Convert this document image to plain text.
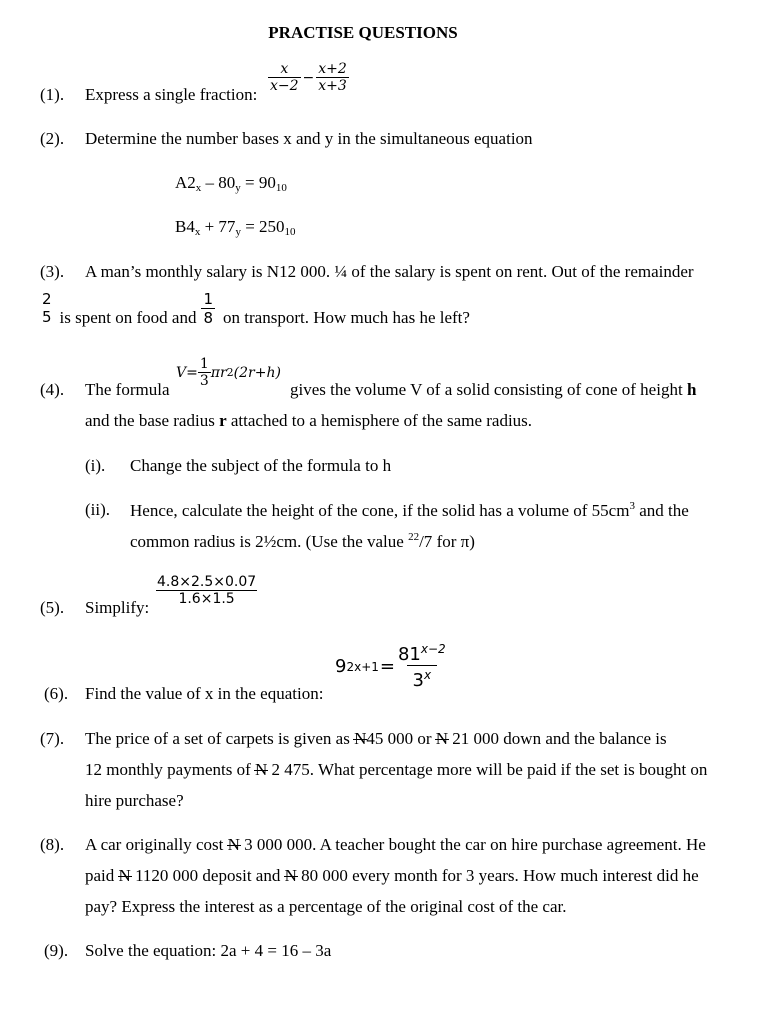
PRACTISE QUESTIONS
(1). Express a single fraction:
$\frac{x}{x-2} - \frac{x+2}{x+3}$
(2). Determine the number bases x and y in the simultaneous equation
$A2_x - 80_y = 90_{10}$
$B4_x + 77_y = 250_{10}$
(3). A man’s monthly salary is N12 000. ¼ of the salary is spent on rent. Out of the remainder
2
5 is spent on food and $\frac{1}{8}$ on transport. How much has he left?
(4). The formula
$V= \frac{1}{3}$ πr 2 (2r+h)
gives the volume V of a solid consisting of cone of height h
and the base radius r attached to a hemisphere of the same radius.
(i). Change the subject of the formula to h
(ii). Hence, calculate the height of the cone, if the solid has a volume of $55cm^3$ and the
common radius is 2½cm. (Use the value $^{22}$/7 for π)
(5). Simplify:
$\frac{4.8\times 2.5\times 0.07}{1.6\times 1.5}$
(6). Find the value of x in the equation:
9 $2x+1 = \frac{81^{x-2}}{3^x}$
(7). The price of a set of carpets is given as N45 000 or N 21 000 down and the balance is
12 monthly payments of N 2 475. What percentage more will be paid if the set is bought on
hire purchase?
(8). A car originally cost N 3 000 000. A teacher bought the car on hire purchase agreement. He
paid N 1120 000 deposit and N 80 000 every month for 3 years. How much interest did he
pay? Express the interest as a percentage of the original cost of the car.
(9). Solve the equation: 2a + 4 = 16 – 3a
